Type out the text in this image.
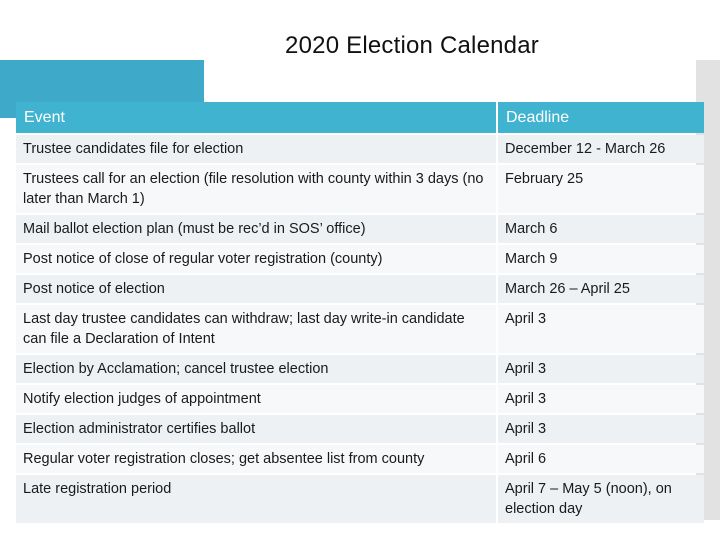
2020 Election Calendar
Event	Deadline
Trustee candidates file for election	December 12 - March 26
Trustees call for an election (file resolution with county within 3 days (no later than March 1)	February 25
Mail ballot election plan (must be rec’d in SOS’ office)	March 6
Post notice of close of regular voter registration (county)	March 9
Post notice of election	March 26 – April 25
Last day trustee candidates can withdraw; last day write-in candidate can file a Declaration of Intent	April 3
Election by Acclamation; cancel trustee election	April 3
Notify election judges of appointment	April 3
Election administrator certifies ballot	April 3
Regular voter registration closes; get absentee list from county	April 6
Late registration period	April 7 – May 5 (noon), on election day
